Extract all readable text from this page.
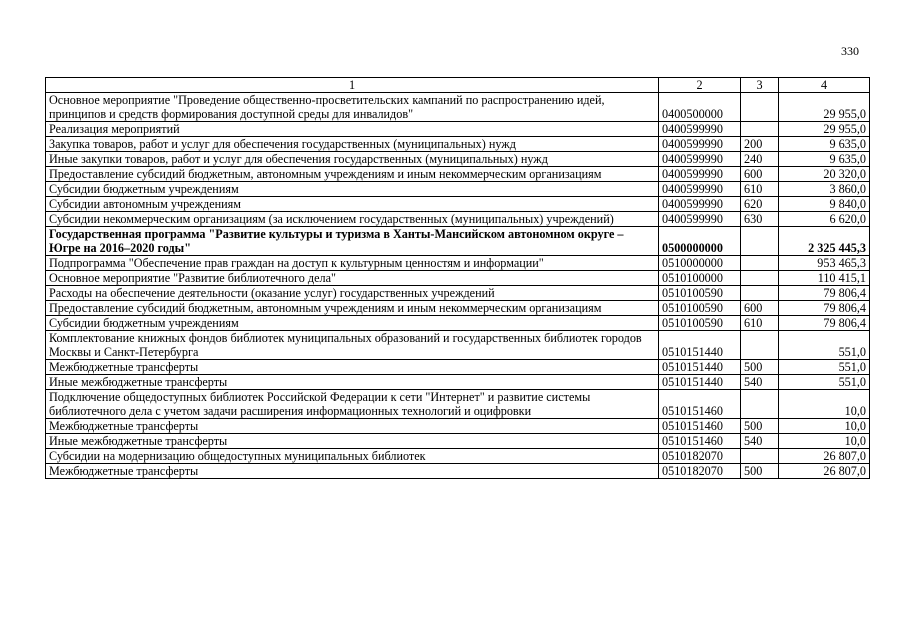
330
1	2	3	4
Основное мероприятие "Проведение общественно-просветительских кампаний по распространению идей, принципов и средств формирования доступной среды для инвалидов"	0400500000		29 955,0
Реализация мероприятий	0400599990		29 955,0
Закупка товаров, работ и услуг для обеспечения государственных (муниципальных) нужд	0400599990	200	9 635,0
Иные закупки товаров, работ и услуг для обеспечения государственных (муниципальных) нужд	0400599990	240	9 635,0
Предоставление субсидий бюджетным, автономным учреждениям и иным некоммерческим организациям	0400599990	600	20 320,0
Субсидии бюджетным учреждениям	0400599990	610	3 860,0
Субсидии автономным учреждениям	0400599990	620	9 840,0
Субсидии некоммерческим организациям (за исключением государственных (муниципальных) учреждений)	0400599990	630	6 620,0
Государственная программа "Развитие культуры и туризма в Ханты-Мансийском автономном округе – Югре на 2016–2020 годы"	0500000000		2 325 445,3
Подпрограмма "Обеспечение прав граждан на доступ к культурным ценностям и информации"	0510000000		953 465,3
Основное мероприятие "Развитие библиотечного дела"	0510100000		110 415,1
Расходы на обеспечение деятельности (оказание услуг) государственных учреждений	0510100590		79 806,4
Предоставление субсидий бюджетным, автономным учреждениям и иным некоммерческим организациям	0510100590	600	79 806,4
Субсидии бюджетным учреждениям	0510100590	610	79 806,4
Комплектование книжных фондов библиотек муниципальных образований и государственных библиотек городов Москвы и Санкт-Петербурга	0510151440		551,0
Межбюджетные трансферты	0510151440	500	551,0
Иные межбюджетные трансферты	0510151440	540	551,0
Подключение общедоступных библиотек Российской Федерации к сети "Интернет" и развитие системы библиотечного дела с учетом задачи расширения информационных технологий и оцифровки	0510151460		10,0
Межбюджетные трансферты	0510151460	500	10,0
Иные межбюджетные трансферты	0510151460	540	10,0
Субсидии на модернизацию общедоступных муниципальных библиотек	0510182070		26 807,0
Межбюджетные трансферты	0510182070	500	26 807,0
